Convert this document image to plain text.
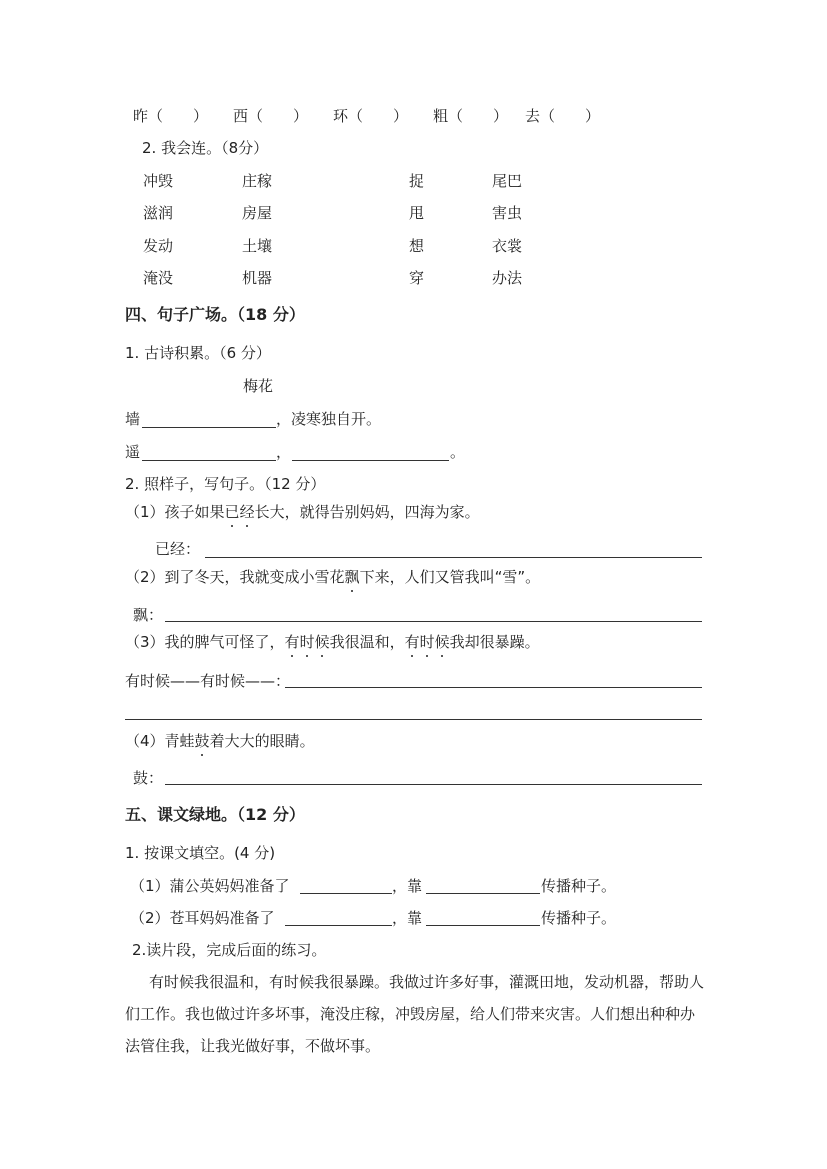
昨（　　） 西（　　） 环（　　） 粗（　　） 去（　　）
2. 我会连。（8分）
冲毁	庄稼	捉	尾巴
滋润	房屋	甩	害虫
发动	土壤	想	衣裳
淹没	机器	穿	办法
四、句子广场。（18 分）
1. 古诗积累。（6 分）
梅花
墙	，凌寒独自开。
遥	，	。
2. 照样子，写句子。（12 分）
（1）孩子如果已经长大，就得告别妈妈，四海为家。
已经：
（2）到了冬天，我就变成小雪花飘下来，人们又管我叫“雪”。
飘：
（3）我的脾气可怪了，有时候我很温和，有时候我却很暴躁。
有时候——有时候——：
（4）青蛙鼓着大大的眼睛。
鼓：
五、课文绿地。（12 分）
1. 按课文填空。(4 分)
（1）蒲公英妈妈准备了	，靠	传播种子。
（2）苍耳妈妈准备了	，靠	传播种子。
2.读片段，完成后面的练习。
有时候我很温和，有时候我很暴躁。我做过许多好事，灌溉田地，发动机器，帮助人们工作。我也做过许多坏事，淹没庄稼，冲毁房屋，给人们带来灾害。人们想出种种办法管住我，让我光做好事，不做坏事。
